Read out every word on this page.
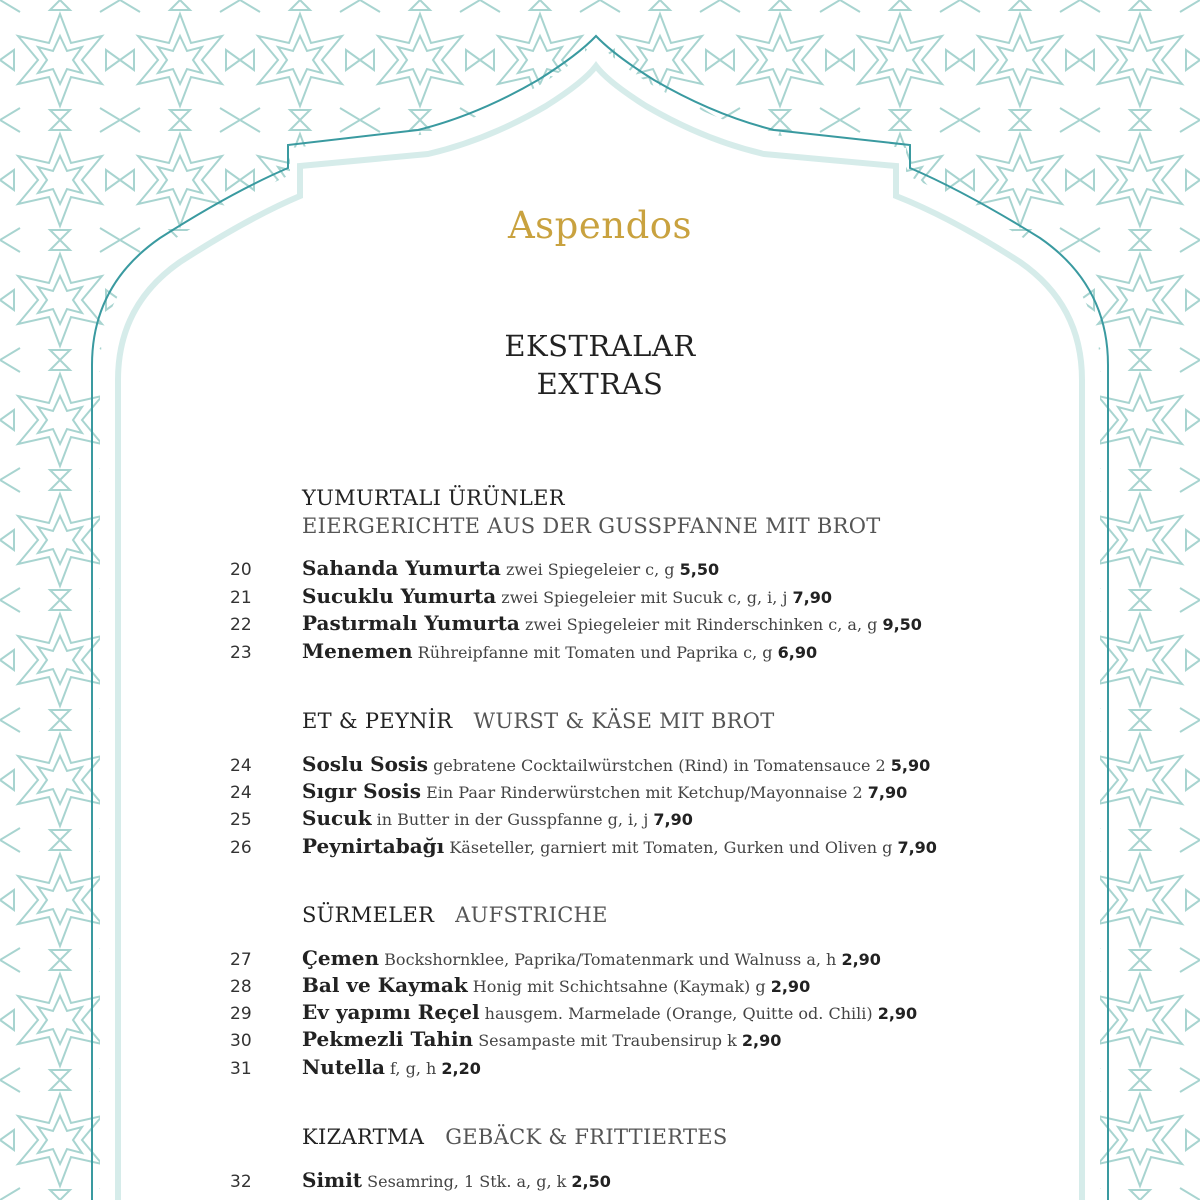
Aspendos
EKSTRALAR
EXTRAS
YUMURTALI ÜRÜNLER
EIERGERICHTE AUS DER GUSSPFANNE MIT BROT
20	Sahanda Yumurta zwei Spiegeleier c, g 5,50
21	Sucuklu Yumurta zwei Spiegeleier mit Sucuk c, g, i, j 7,90
22	Pastırmalı Yumurta zwei Spiegeleier mit Rinderschinken c, a, g 9,50
23	Menemen Rühreipfanne mit Tomaten und Paprika c, g 6,90
ET & PEYNİR WURST & KÄSE MIT BROT
24	Soslu Sosis gebratene Cocktailwürstchen (Rind) in Tomatensauce 2 5,90
24	Sıgır Sosis Ein Paar Rinderwürstchen mit Ketchup/Mayonnaise 2 7,90
25	Sucuk in Butter in der Gusspfanne g, i, j 7,90
26	Peynirtabağı Käseteller, garniert mit Tomaten, Gurken und Oliven g 7,90
SÜRMELER AUFSTRICHE
27	Çemen Bockshornklee, Paprika/Tomatenmark und Walnuss a, h 2,90
28	Bal ve Kaymak Honig mit Schichtsahne (Kaymak) g 2,90
29	Ev yapımı Reçel hausgem. Marmelade (Orange, Quitte od. Chili) 2,90
30	Pekmezli Tahin Sesampaste mit Traubensirup k 2,90
31	Nutella f, g, h 2,20
KIZARTMA GEBÄCK & FRITTIERTES
32	Simit Sesamring, 1 Stk. a, g, k 2,50
